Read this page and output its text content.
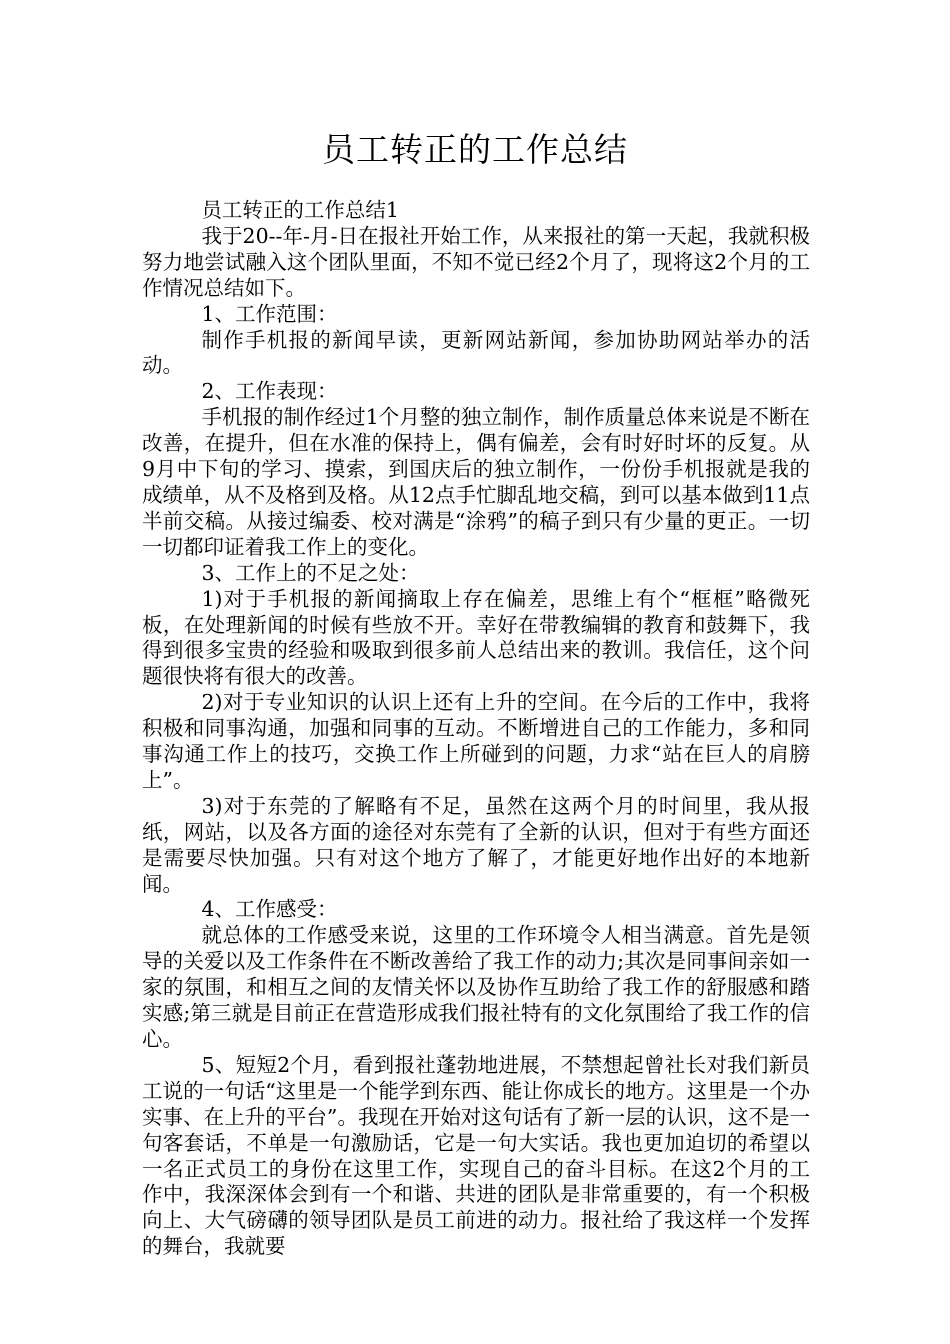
员工转正的工作总结

员工转正的工作总结1

我于20--年-月-日在报社开始工作，从来报社的第一天起，我就积极努力地尝试融入这个团队里面，不知不觉已经2个月了，现将这2个月的工作情况总结如下。

1、工作范围：

制作手机报的新闻早读，更新网站新闻，参加协助网站举办的活动。

2、工作表现：

手机报的制作经过1个月整的独立制作，制作质量总体来说是不断在改善，在提升，但在水准的保持上，偶有偏差，会有时好时坏的反复。从9月中下旬的学习、摸索，到国庆后的独立制作，一份份手机报就是我的成绩单，从不及格到及格。从12点手忙脚乱地交稿，到可以基本做到11点半前交稿。从接过编委、校对满是“涂鸦”的稿子到只有少量的更正。一切一切都印证着我工作上的变化。

3、工作上的不足之处：

1)对于手机报的新闻摘取上存在偏差，思维上有个“框框”略微死板，在处理新闻的时候有些放不开。幸好在带教编辑的教育和鼓舞下，我得到很多宝贵的经验和吸取到很多前人总结出来的教训。我信任，这个问题很快将有很大的改善。

2)对于专业知识的认识上还有上升的空间。在今后的工作中，我将积极和同事沟通，加强和同事的互动。不断增进自己的工作能力，多和同事沟通工作上的技巧，交换工作上所碰到的问题，力求“站在巨人的肩膀上”。

3)对于东莞的了解略有不足，虽然在这两个月的时间里，我从报纸，网站，以及各方面的途径对东莞有了全新的认识，但对于有些方面还是需要尽快加强。只有对这个地方了解了，才能更好地作出好的本地新闻。

4、工作感受：

就总体的工作感受来说，这里的工作环境令人相当满意。首先是领导的关爱以及工作条件在不断改善给了我工作的动力;其次是同事间亲如一家的氛围，和相互之间的友情关怀以及协作互助给了我工作的舒服感和踏实感;第三就是目前正在营造形成我们报社特有的文化氛围给了我工作的信心。

5、短短2个月，看到报社蓬勃地进展，不禁想起曾社长对我们新员工说的一句话“这里是一个能学到东西、能让你成长的地方。这里是一个办实事、在上升的平台”。我现在开始对这句话有了新一层的认识，这不是一句客套话，不单是一句激励话，它是一句大实话。我也更加迫切的希望以一名正式员工的身份在这里工作，实现自己的奋斗目标。在这2个月的工作中，我深深体会到有一个和谐、共进的团队是非常重要的，有一个积极向上、大气磅礴的领导团队是员工前进的动力。报社给了我这样一个发挥的舞台，我就要
